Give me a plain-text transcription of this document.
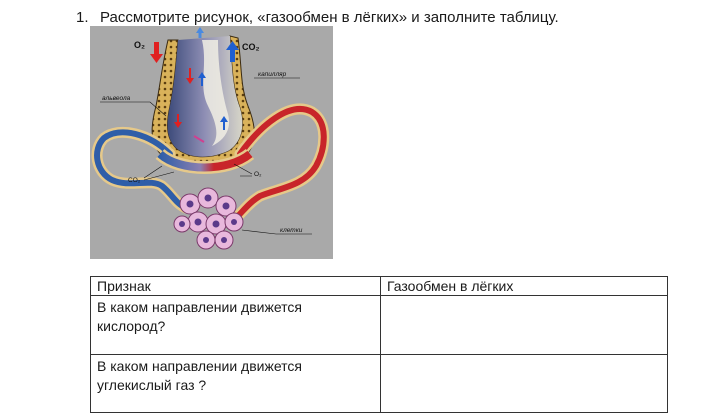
1. Рассмотрите рисунок, «газообмен в лёгких» и заполните таблицу.
O₂	CO₂
капилляр
альвеола
CO₂
O₂
клетки
Признак	Газообмен в лёгких
В каком направлении движется кислород?	
В каком направлении движется углекислый газ ?	
